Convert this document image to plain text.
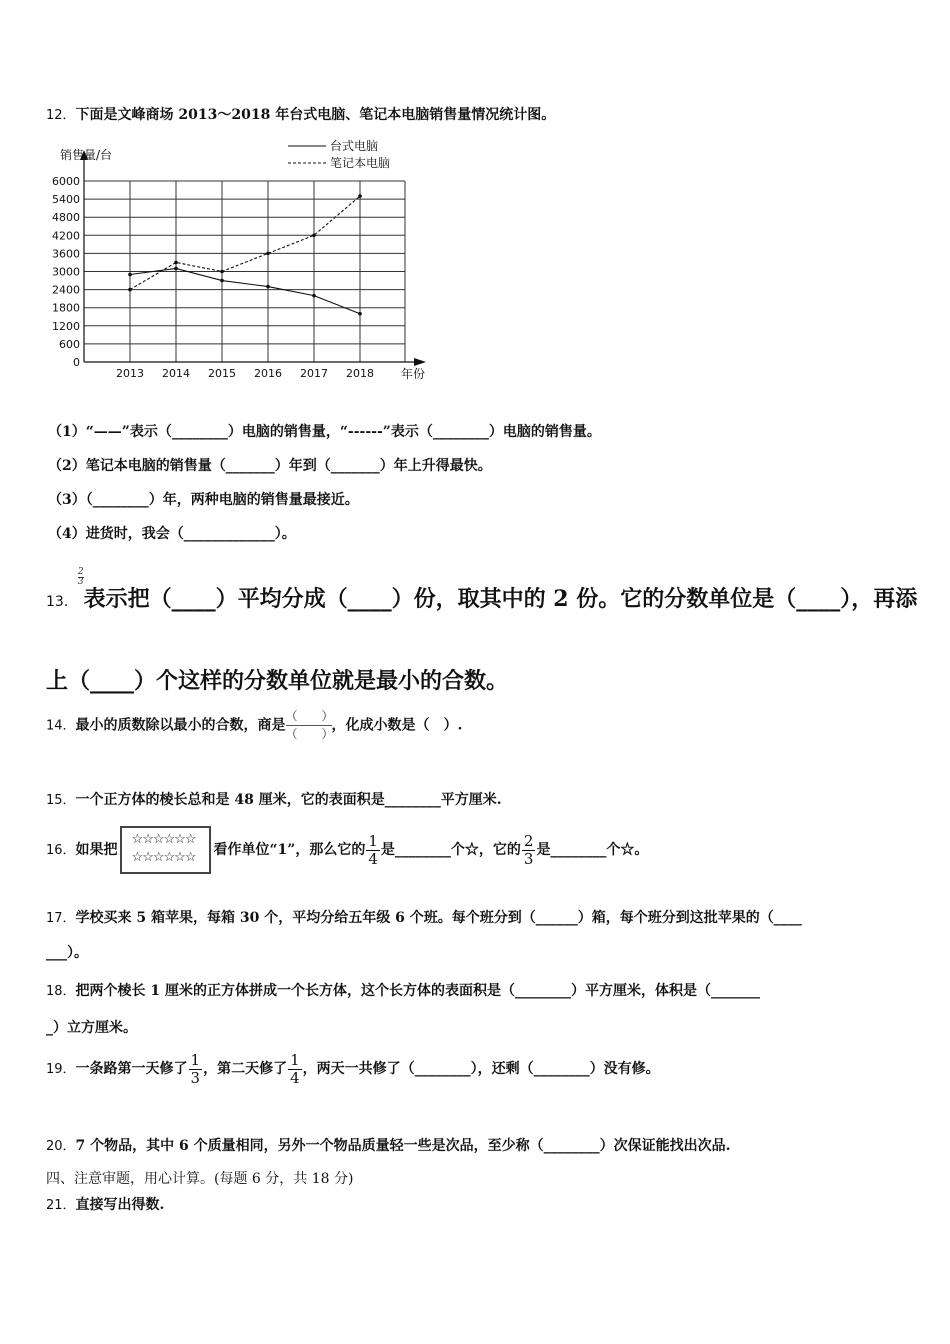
12．下面是文峰商场 2013～2018 年台式电脑、笔记本电脑销售量情况统计图。
0
600
1200
1800
2400
3000
3600
4200
4800
5400
6000
2013 2014 2015 2016 2017 2018
销售量/台
年份
台式电脑
笔记本电脑
（1）“——”表示（________）电脑的销售量，“------”表示（________）电脑的销售量。
（2）笔记本电脑的销售量（_______）年到（_______）年上升得最快。
（3）（________）年，两种电脑的销售量最接近。
（4）进货时，我会（_____________）。
13．
$\frac{2}{3}$表示把（____）平均分成（____）份，取其中的 2 份。它的分数单位是（____），再添
上（____）个这样的分数单位就是最小的合数。
14．最小的质数除以最小的合数，商是 $\frac{( )}{( )}$，化成小数是（　）.
15．一个正方体的棱长总和是 48 厘米，它的表面积是________平方厘米.
16．如果把
☆☆☆☆☆☆
☆☆☆☆☆☆ 看作单位“1”，那么它的 $\frac{1}{4}$ 是________个☆，它的 $\frac{2}{3}$ 是________个☆。
17．学校买来 5 箱苹果，每箱 30 个，平均分给五年级 6 个班。每个班分到（______）箱，每个班分到这批苹果的（____
___）。
18．把两个棱长 1 厘米的正方体拼成一个长方体，这个长方体的表面积是（________）平方厘米，体积是（_______
_）立方厘米。
19．一条路第一天修了 $\frac{1}{3}$ ，第二天修了 $\frac{1}{4}$ ，两天一共修了（________），还剩（________）没有修。
20．7 个物品，其中 6 个质量相同，另外一个物品质量轻一些是次品，至少称（________）次保证能找出次品.
四、注意审题，用心计算。(每题 6 分，共 18 分)
21．直接写出得数.
